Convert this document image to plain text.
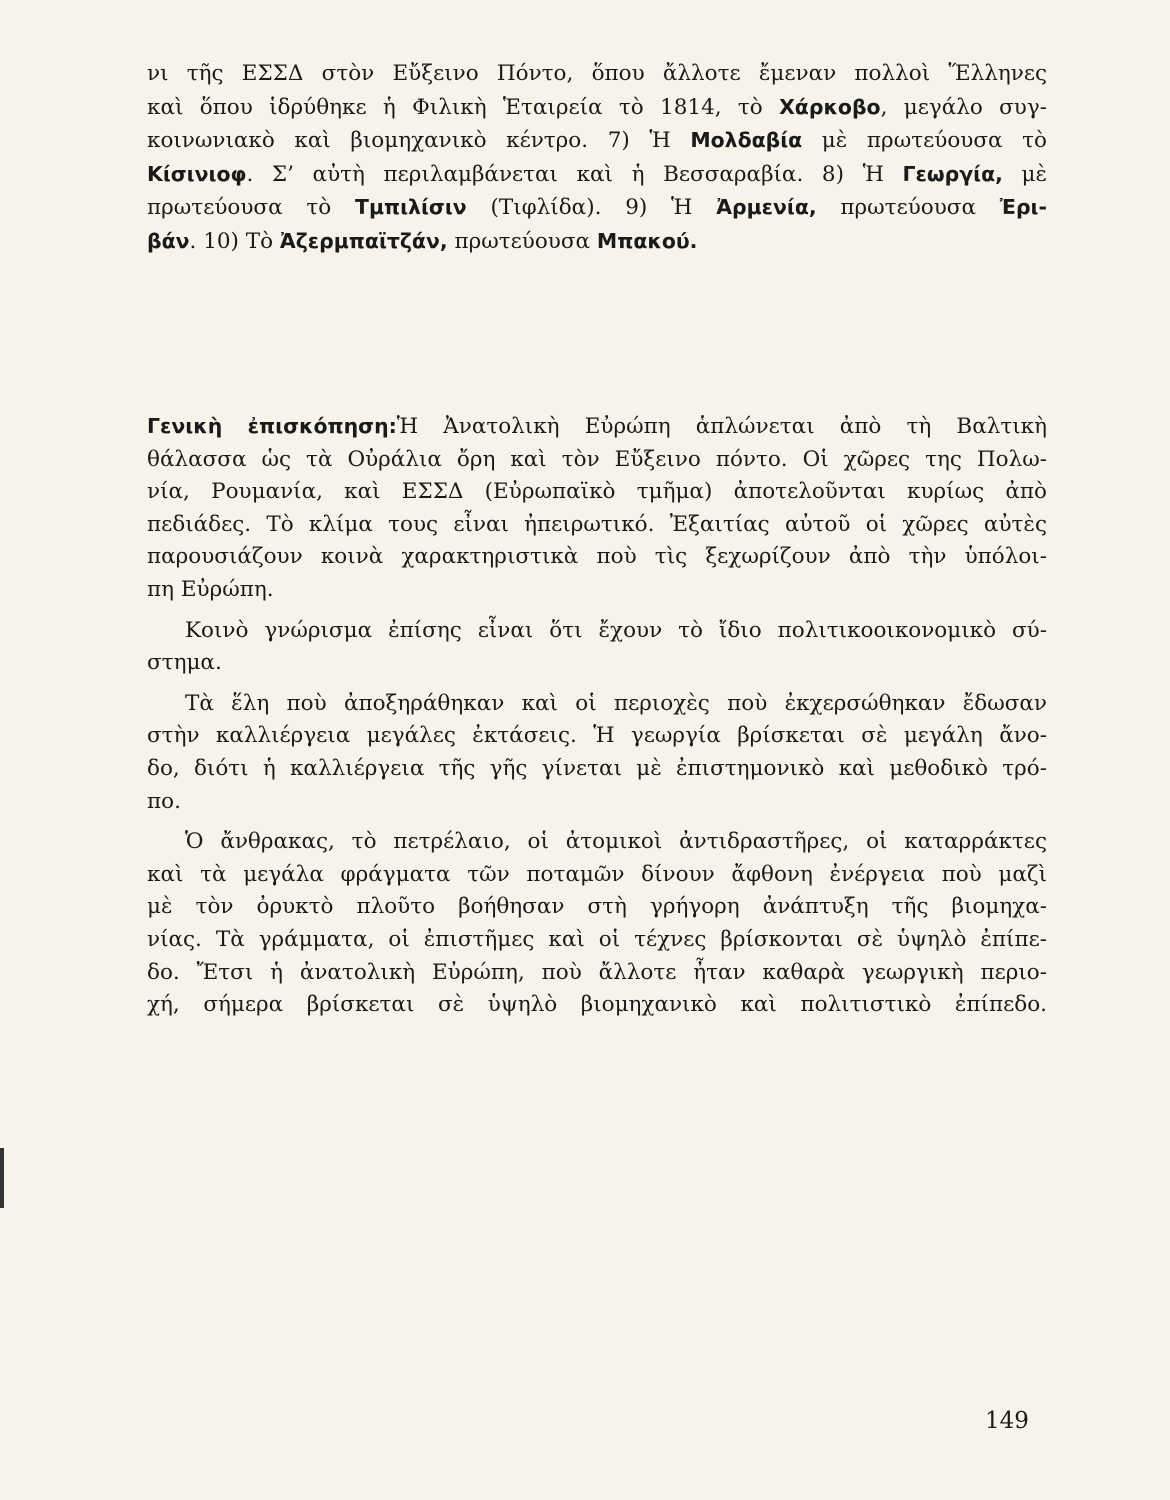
νι τῆς ΕΣΣΔ στὸν Εὔξεινο Πόντο, ὅπου ἄλλοτε ἔμεναν πολλοὶ Ἕλληνες
καὶ ὅπου ἱδρύθηκε ἡ Φιλικὴ Ἑταιρεία τὸ 1814, τὸ Χάρκοβο, μεγάλο συγ-
κοινωνιακὸ καὶ βιομηχανικὸ κέντρο. 7) Ἡ Μολδαβία μὲ πρωτεύουσα τὸ
Κίσινιοφ. Σ’ αὐτὴ περιλαμβάνεται καὶ ἡ Βεσσαραβία. 8) Ἡ Γεωργία, μὲ
πρωτεύουσα τὸ Τμπιλίσιν (Τιφλίδα). 9) Ἡ Ἀρμενία, πρωτεύουσα Ἐρι-
βάν. 10) Τὸ Ἀζερμπαϊτζάν, πρωτεύουσα Μπακού.
Γενικὴ ἐπισκόπηση:Ἡ Ἀνατολικὴ Εὐρώπη ἁπλώνεται ἀπὸ τὴ Βαλτικὴ
θάλασσα ὡς τὰ Οὐράλια ὄρη καὶ τὸν Εὔξεινο πόντο. Οἱ χῶρες της Πολω-
νία, Ρουμανία, καὶ ΕΣΣΔ (Εὐρωπαϊκὸ τμῆμα) ἀποτελοῦνται κυρίως ἀπὸ
πεδιάδες. Τὸ κλίμα τους εἶναι ἠπειρωτικό. Ἐξαιτίας αὐτοῦ οἱ χῶρες αὐτὲς
παρουσιάζουν κοινὰ χαρακτηριστικὰ ποὺ τὶς ξεχωρίζουν ἀπὸ τὴν ὑπόλοι-
πη Εὐρώπη.
Κοινὸ γνώρισμα ἐπίσης εἶναι ὅτι ἔχουν τὸ ἴδιο πολιτικοοικονομικὸ σύ-
στημα.
Τὰ ἕλη ποὺ ἀποξηράθηκαν καὶ οἱ περιοχὲς ποὺ ἐκχερσώθηκαν ἔδωσαν
στὴν καλλιέργεια μεγάλες ἐκτάσεις. Ἡ γεωργία βρίσκεται σὲ μεγάλη ἄνο-
δο, διότι ἡ καλλιέργεια τῆς γῆς γίνεται μὲ ἐπιστημονικὸ καὶ μεθοδικὸ τρό-
πο.
Ὁ ἄνθρακας, τὸ πετρέλαιο, οἱ ἀτομικοὶ ἀντιδραστῆρες, οἱ καταρράκτες
καὶ τὰ μεγάλα φράγματα τῶν ποταμῶν δίνουν ἄφθονη ἐνέργεια ποὺ μαζὶ
μὲ τὸν ὀρυκτὸ πλοῦτο βοήθησαν στὴ γρήγορη ἀνάπτυξη τῆς βιομηχα-
νίας. Τὰ γράμματα, οἱ ἐπιστῆμες καὶ οἱ τέχνες βρίσκονται σὲ ὑψηλὸ ἐπίπε-
δο. Ἔτσι ἡ ἀνατολικὴ Εὐρώπη, ποὺ ἄλλοτε ἦταν καθαρὰ γεωργικὴ περιο-
χή, σήμερα βρίσκεται σὲ ὑψηλὸ βιομηχανικὸ καὶ πολιτιστικὸ ἐπίπεδο.
149
